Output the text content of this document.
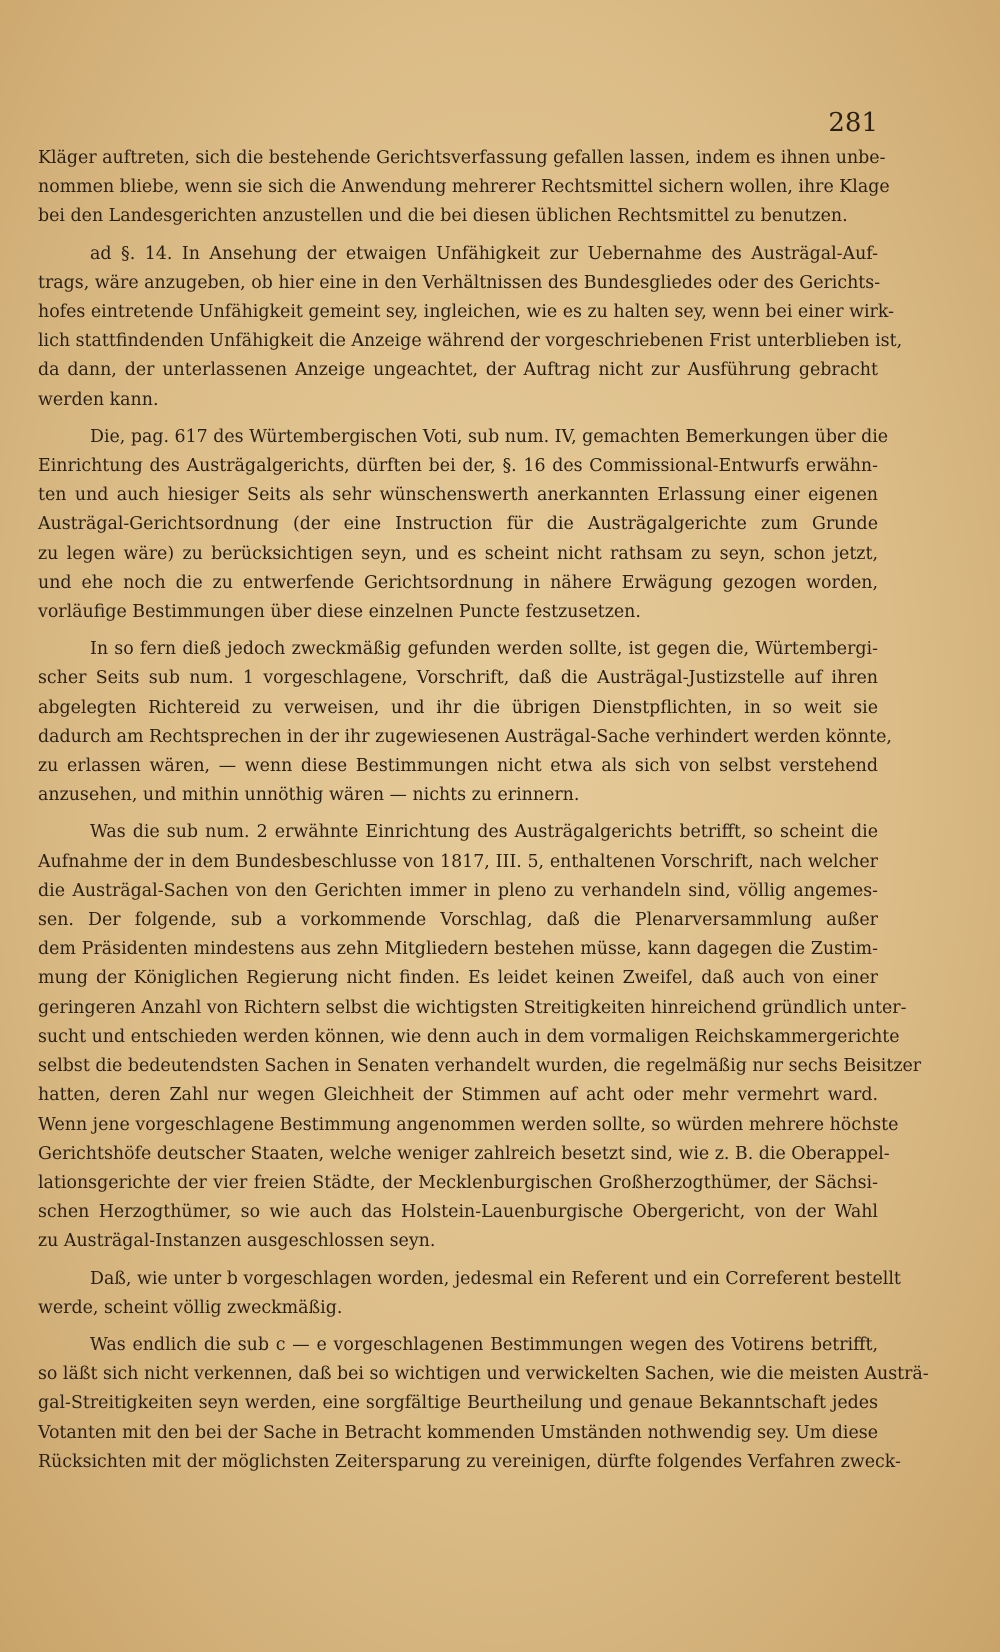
281
Kläger auftreten, sich die bestehende Gerichtsverfassung gefallen lassen, indem es ihnen unbe-
nommen bliebe, wenn sie sich die Anwendung mehrerer Rechtsmittel sichern wollen, ihre Klage
bei den Landesgerichten anzustellen und die bei diesen üblichen Rechtsmittel zu benutzen.
ad §. 14. In Ansehung der etwaigen Unfähigkeit zur Uebernahme des Austrägal-Auf-
trags, wäre anzugeben, ob hier eine in den Verhältnissen des Bundesgliedes oder des Gerichts-
hofes eintretende Unfähigkeit gemeint sey, ingleichen, wie es zu halten sey, wenn bei einer wirk-
lich stattfindenden Unfähigkeit die Anzeige während der vorgeschriebenen Frist unterblieben ist,
da dann, der unterlassenen Anzeige ungeachtet, der Auftrag nicht zur Ausführung gebracht
werden kann.
Die, pag. 617 des Würtembergischen Voti, sub num. IV, gemachten Bemerkungen über die
Einrichtung des Austrägalgerichts, dürften bei der, §. 16 des Commissional-Entwurfs erwähn-
ten und auch hiesiger Seits als sehr wünschenswerth anerkannten Erlassung einer eigenen
Austrägal-Gerichtsordnung (der eine Instruction für die Austrägalgerichte zum Grunde
zu legen wäre) zu berücksichtigen seyn, und es scheint nicht rathsam zu seyn, schon jetzt,
und ehe noch die zu entwerfende Gerichtsordnung in nähere Erwägung gezogen worden,
vorläufige Bestimmungen über diese einzelnen Puncte festzusetzen.
In so fern dieß jedoch zweckmäßig gefunden werden sollte, ist gegen die, Würtembergi-
scher Seits sub num. 1 vorgeschlagene, Vorschrift, daß die Austrägal-Justizstelle auf ihren
abgelegten Richtereid zu verweisen, und ihr die übrigen Dienstpflichten, in so weit sie
dadurch am Rechtsprechen in der ihr zugewiesenen Austrägal-Sache verhindert werden könnte,
zu erlassen wären, — wenn diese Bestimmungen nicht etwa als sich von selbst verstehend
anzusehen, und mithin unnöthig wären — nichts zu erinnern.
Was die sub num. 2 erwähnte Einrichtung des Austrägalgerichts betrifft, so scheint die
Aufnahme der in dem Bundesbeschlusse von 1817, III. 5, enthaltenen Vorschrift, nach welcher
die Austrägal-Sachen von den Gerichten immer in pleno zu verhandeln sind, völlig angemes-
sen. Der folgende, sub a vorkommende Vorschlag, daß die Plenarversammlung außer
dem Präsidenten mindestens aus zehn Mitgliedern bestehen müsse, kann dagegen die Zustim-
mung der Königlichen Regierung nicht finden. Es leidet keinen Zweifel, daß auch von einer
geringeren Anzahl von Richtern selbst die wichtigsten Streitigkeiten hinreichend gründlich unter-
sucht und entschieden werden können, wie denn auch in dem vormaligen Reichskammergerichte
selbst die bedeutendsten Sachen in Senaten verhandelt wurden, die regelmäßig nur sechs Beisitzer
hatten, deren Zahl nur wegen Gleichheit der Stimmen auf acht oder mehr vermehrt ward.
Wenn jene vorgeschlagene Bestimmung angenommen werden sollte, so würden mehrere höchste
Gerichtshöfe deutscher Staaten, welche weniger zahlreich besetzt sind, wie z. B. die Oberappel-
lationsgerichte der vier freien Städte, der Mecklenburgischen Großherzogthümer, der Sächsi-
schen Herzogthümer, so wie auch das Holstein-Lauenburgische Obergericht, von der Wahl
zu Austrägal-Instanzen ausgeschlossen seyn.
Daß, wie unter b vorgeschlagen worden, jedesmal ein Referent und ein Correferent bestellt
werde, scheint völlig zweckmäßig.
Was endlich die sub c — e vorgeschlagenen Bestimmungen wegen des Votirens betrifft,
so läßt sich nicht verkennen, daß bei so wichtigen und verwickelten Sachen, wie die meisten Austrä-
gal-Streitigkeiten seyn werden, eine sorgfältige Beurtheilung und genaue Bekanntschaft jedes
Votanten mit den bei der Sache in Betracht kommenden Umständen nothwendig sey. Um diese
Rücksichten mit der möglichsten Zeitersparung zu vereinigen, dürfte folgendes Verfahren zweck-
